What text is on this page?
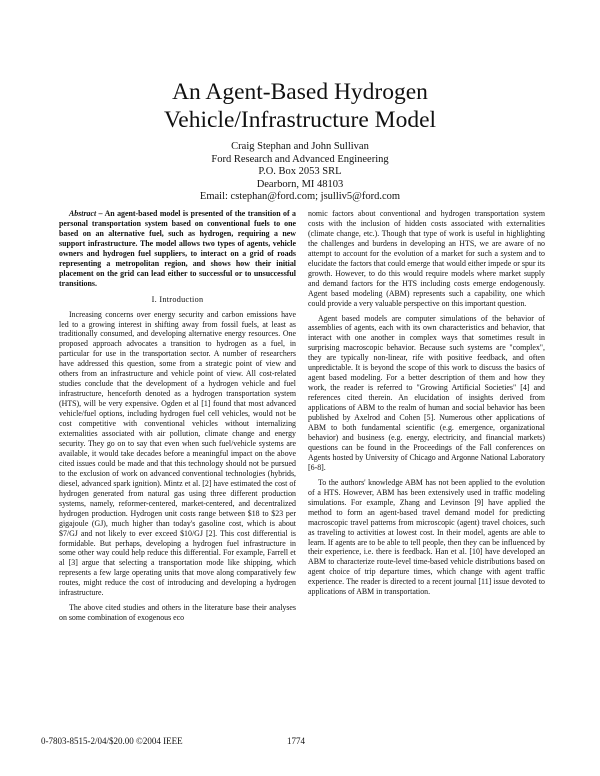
An Agent-Based Hydrogen
Vehicle/Infrastructure Model
Craig Stephan and John Sullivan
Ford Research and Advanced Engineering
P.O. Box 2053 SRL
Dearborn, MI 48103
Email: cstephan@ford.com; jsulliv5@ford.com

Abstract – An agent-based model is presented of the transition of a personal transportation system based on conventional fuels to one based on an alternative fuel, such as hydrogen, requiring a new support infrastructure. The model allows two types of agents, vehicle owners and hydrogen fuel suppliers, to interact on a grid of roads representing a metropolitan region, and shows how their initial placement on the grid can lead either to successful or to unsuccessful transitions.

I. Introduction

Increasing concerns over energy security and carbon emissions have led to a growing interest in shifting away from fossil fuels, at least as traditionally consumed, and developing alternative energy resources. One proposed approach advocates a transition to hydrogen as a fuel, in particular for use in the transportation sector. A number of researchers have addressed this question, some from a strategic point of view and others from an infrastructure and vehicle point of view. All cost-related studies conclude that the development of a hydrogen vehicle and fuel infrastructure, henceforth denoted as a hydrogen transportation system (HTS), will be very expensive. Ogden et al [1] found that most advanced vehicle/fuel options, including hydrogen fuel cell vehicles, would not be cost competitive with conventional vehicles without internalizing externalities associated with air pollution, climate change and energy security. They go on to say that even when such fuel/vehicle systems are available, it would take decades before a meaningful impact on the above cited issues could be made and that this technology should not be pursued to the exclusion of work on advanced conventional technologies (hybrids, diesel, advanced spark ignition). Mintz et al. [2] have estimated the cost of hydrogen generated from natural gas using three different production systems, namely, reformer-centered, market-centered, and decentralized hydrogen production. Hydrogen unit costs range between $18 to $23 per gigajoule (GJ), much higher than today's gasoline cost, which is about $7/GJ and not likely to ever exceed $10/GJ [2]. This cost differential is formidable. But perhaps, developing a hydrogen fuel infrastructure in some other way could help reduce this differential. For example, Farrell et al [3] argue that selecting a transportation mode like shipping, which represents a few large operating units that move along comparatively few routes, might reduce the cost of introducing and developing a hydrogen infrastructure.

The above cited studies and others in the literature base their analyses on some combination of exogenous eco

nomic factors about conventional and hydrogen transportation system costs with the inclusion of hidden costs associated with externalities (climate change, etc.). Though that type of work is useful in highlighting the challenges and burdens in developing an HTS, we are aware of no attempt to account for the evolution of a market for such a system and to elucidate the factors that could emerge that would either impede or spur its growth. However, to do this would require models where market supply and demand factors for the HTS including costs emerge endogenously. Agent based modeling (ABM) represents such a capability, one which could provide a very valuable perspective on this important question.

Agent based models are computer simulations of the behavior of assemblies of agents, each with its own characteristics and behavior, that interact with one another in complex ways that sometimes result in surprising macroscopic behavior. Because such systems are "complex", they are typically non-linear, rife with positive feedback, and often unpredictable. It is beyond the scope of this work to discuss the basics of agent based modeling. For a better description of them and how they work, the reader is referred to "Growing Artificial Societies" [4] and references cited therein. An elucidation of insights derived from applications of ABM to the realm of human and social behavior has been published by Axelrod and Cohen [5]. Numerous other applications of ABM to both fundamental scientific (e.g. emergence, organizational behavior) and business (e.g. energy, electricity, and financial markets) questions can be found in the Proceedings of the Fall conferences on Agents hosted by University of Chicago and Argonne National Laboratory [6-8].

To the authors' knowledge ABM has not been applied to the evolution of a HTS. However, ABM has been extensively used in traffic modeling simulations. For example, Zhang and Levinson [9] have applied the method to form an agent-based travel demand model for predicting macroscopic travel patterns from microscopic (agent) travel choices, such as traveling to activities at lowest cost. In their model, agents are able to learn. If agents are to be able to tell people, then they can be influenced by their experience, i.e. there is feedback. Han et al. [10] have developed an ABM to characterize route-level time-based vehicle distributions based on agent choice of trip departure times, which change with agent traffic experience. The reader is directed to a recent journal [11] issue devoted to applications of ABM in transportation.

0-7803-8515-2/04/$20.00 ©2004 IEEE	1774
